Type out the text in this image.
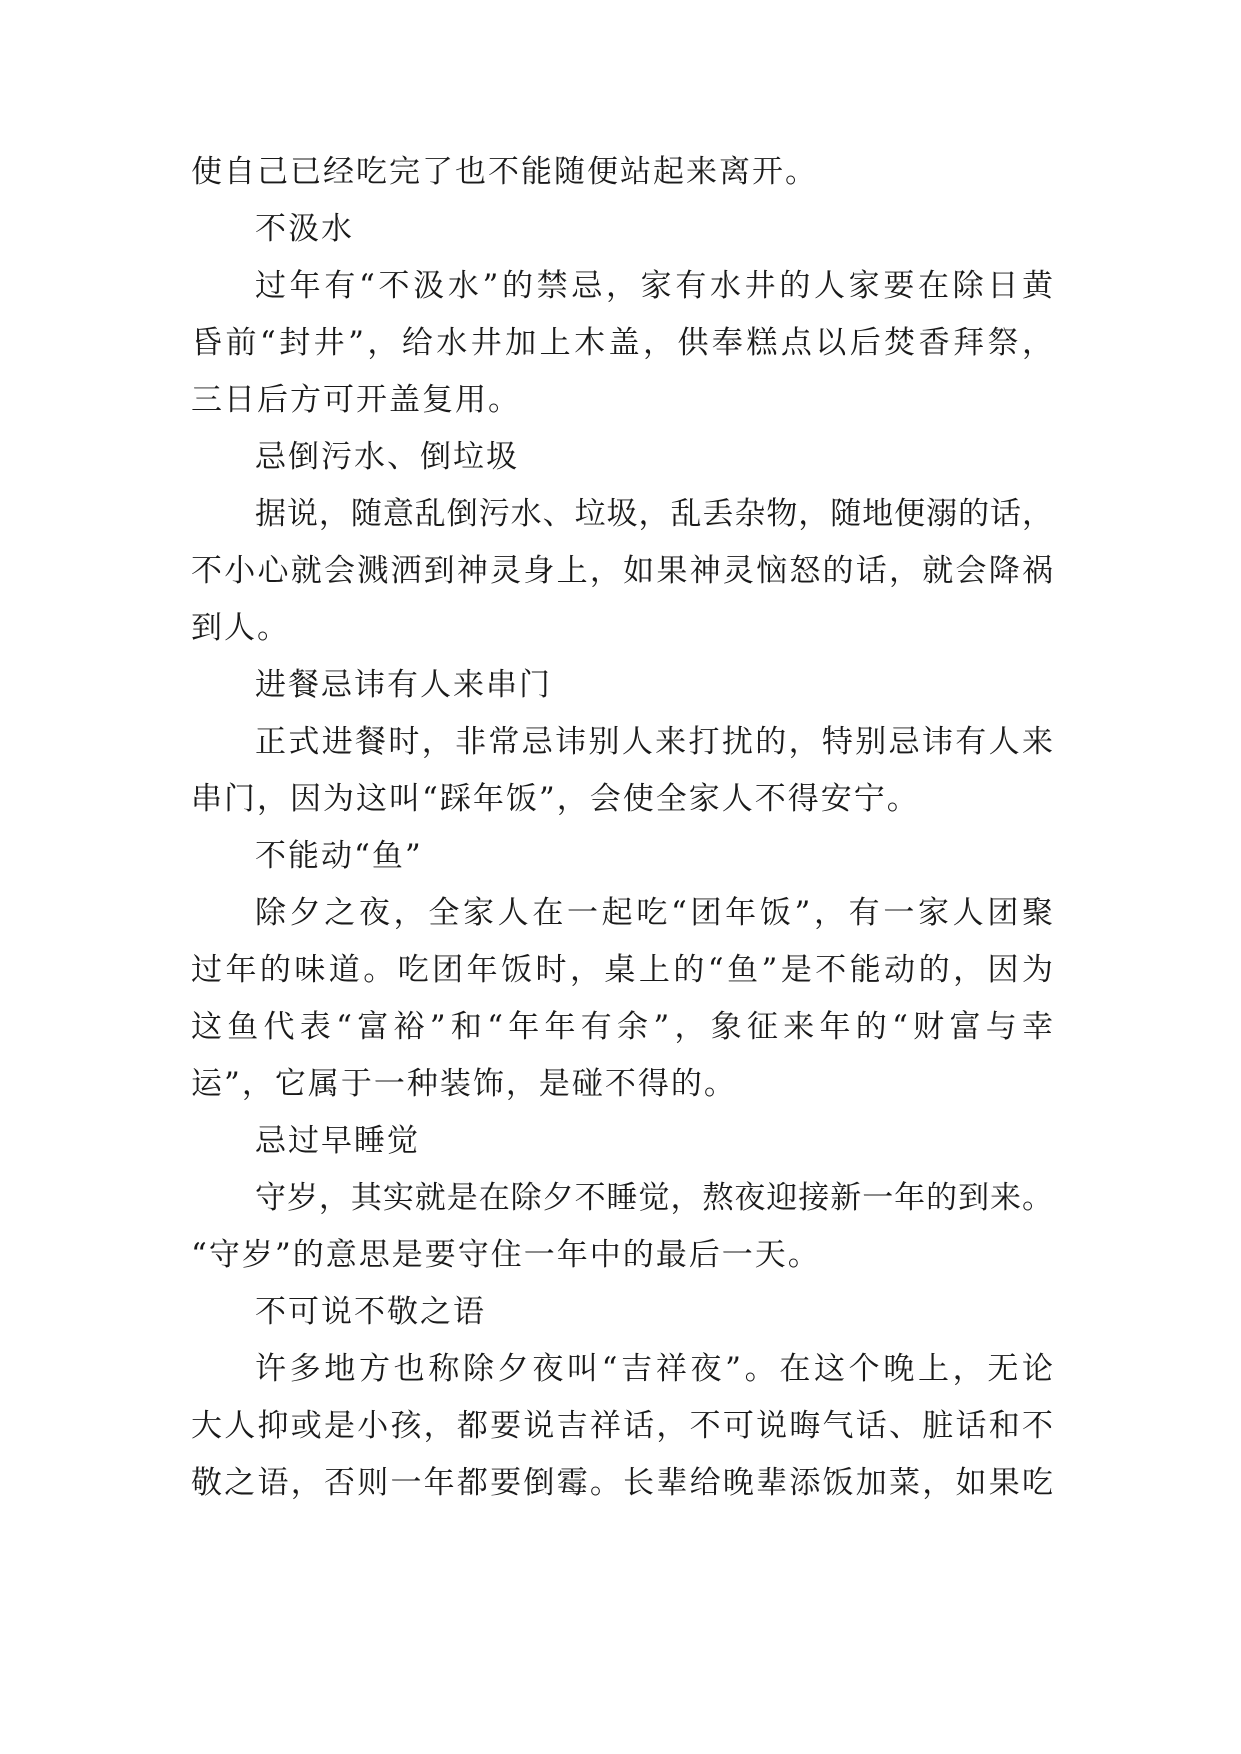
使自己已经吃完了也不能随便站起来离开。
不汲水
过年有“不汲水”的禁忌，家有水井的人家要在除日黄
昏前“封井”，给水井加上木盖，供奉糕点以后焚香拜祭，
三日后方可开盖复用。
忌倒污水、倒垃圾
据说，随意乱倒污水、垃圾，乱丢杂物，随地便溺的话，
不小心就会溅洒到神灵身上，如果神灵恼怒的话，就会降祸
到人。
进餐忌讳有人来串门
正式进餐时，非常忌讳别人来打扰的，特别忌讳有人来
串门，因为这叫“踩年饭”，会使全家人不得安宁。
不能动“鱼”
除夕之夜，全家人在一起吃“团年饭”，有一家人团聚
过年的味道。吃团年饭时，桌上的“鱼”是不能动的，因为
这鱼代表“富裕”和“年年有余”，象征来年的“财富与幸
运”，它属于一种装饰，是碰不得的。
忌过早睡觉
守岁，其实就是在除夕不睡觉，熬夜迎接新一年的到来。
“守岁”的意思是要守住一年中的最后一天。
不可说不敬之语
许多地方也称除夕夜叫“吉祥夜”。在这个晚上，无论
大人抑或是小孩，都要说吉祥话，不可说晦气话、脏话和不
敬之语，否则一年都要倒霉。长辈给晚辈添饭加菜，如果吃
